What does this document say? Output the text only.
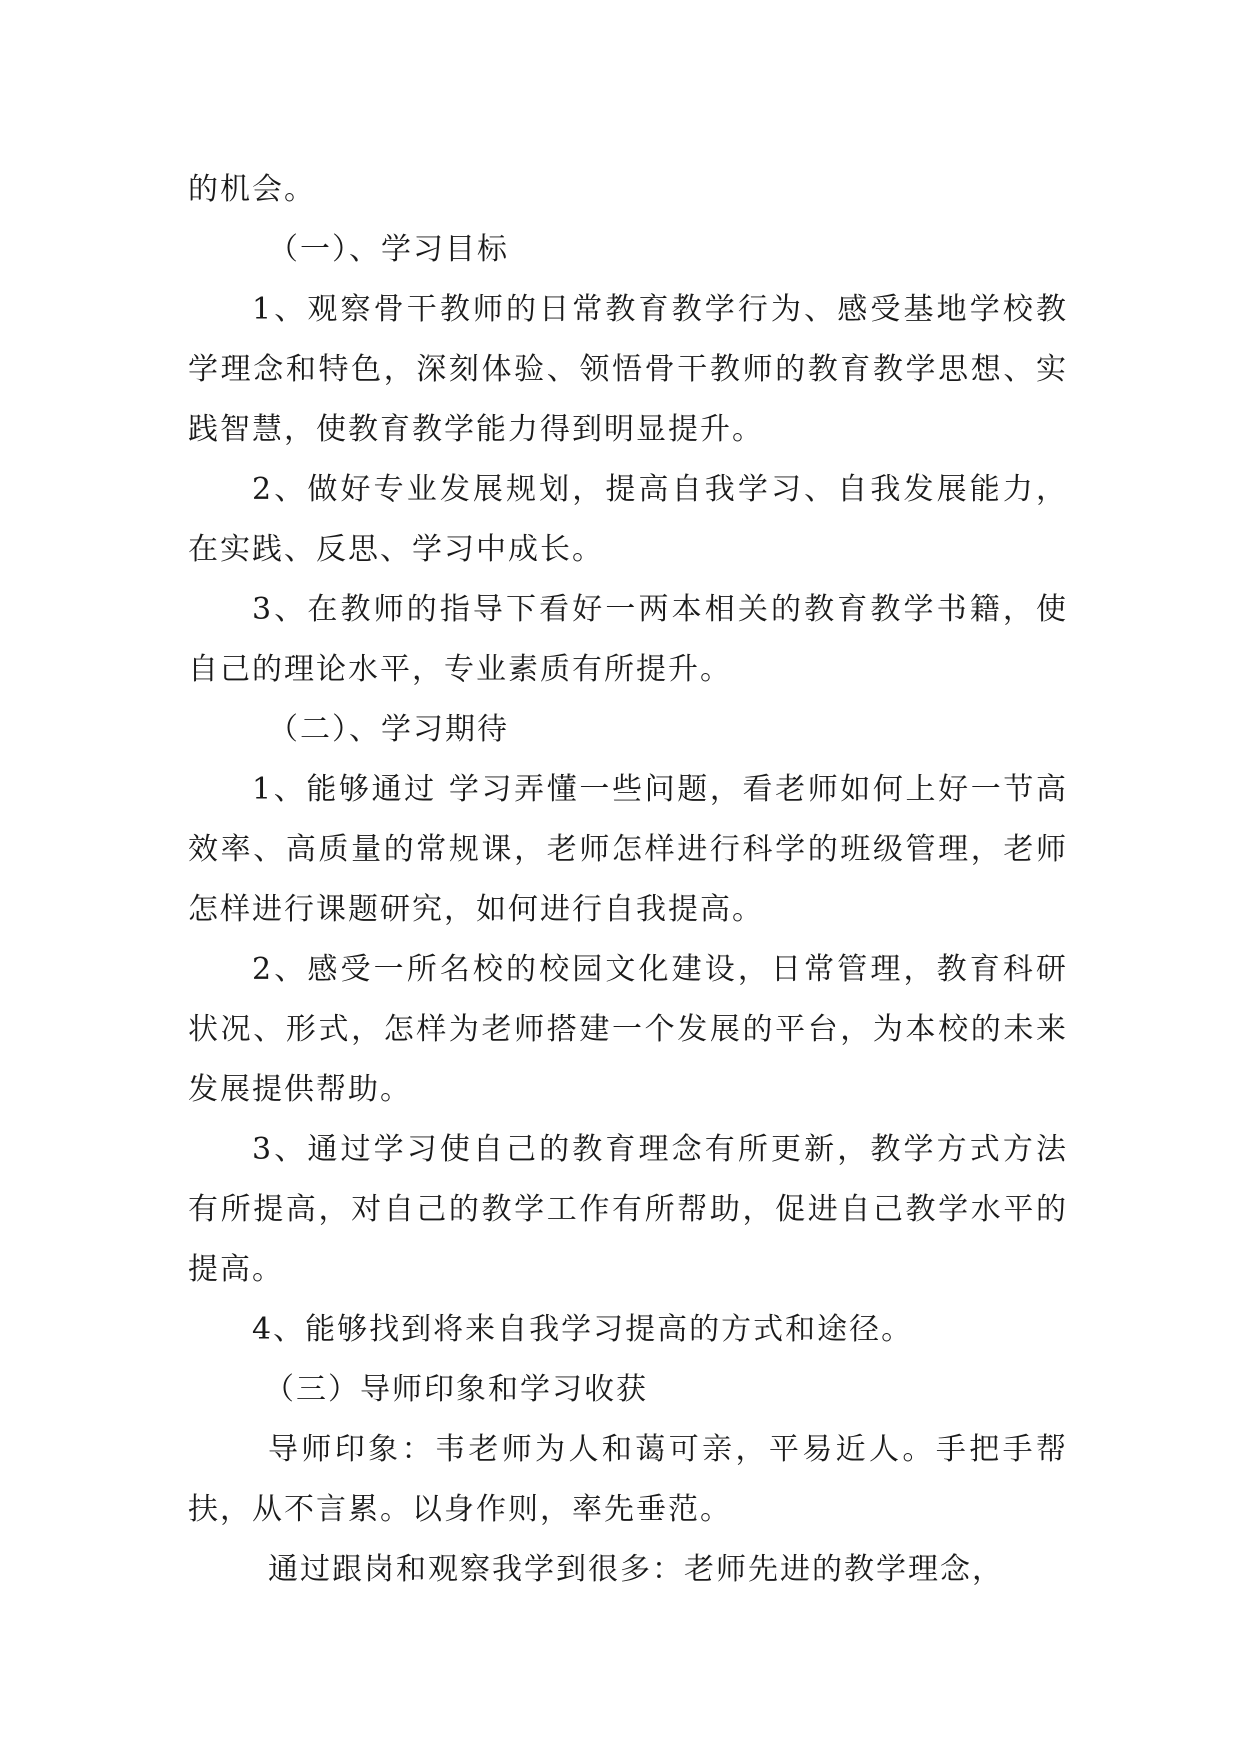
的机会。

（一）、学习目标

1、观察骨干教师的日常教育教学行为、感受基地学校教学理念和特色，深刻体验、领悟骨干教师的教育教学思想、实践智慧，使教育教学能力得到明显提升。

2、做好专业发展规划，提高自我学习、自我发展能力，在实践、反思、学习中成长。

3、在教师的指导下看好一两本相关的教育教学书籍，使自己的理论水平，专业素质有所提升。

（二）、学习期待

1、能够通过 学习弄懂一些问题，看老师如何上好一节高效率、高质量的常规课，老师怎样进行科学的班级管理，老师怎样进行课题研究，如何进行自我提高。

2、感受一所名校的校园文化建设，日常管理，教育科研状况、形式，怎样为老师搭建一个发展的平台，为本校的未来发展提供帮助。

3、通过学习使自己的教育理念有所更新，教学方式方法有所提高，对自己的教学工作有所帮助，促进自己教学水平的提高。

4、能够找到将来自我学习提高的方式和途径。

（三）导师印象和学习收获

导师印象：韦老师为人和蔼可亲，平易近人。手把手帮扶，从不言累。以身作则，率先垂范。

通过跟岗和观察我学到很多：老师先进的教学理念，
